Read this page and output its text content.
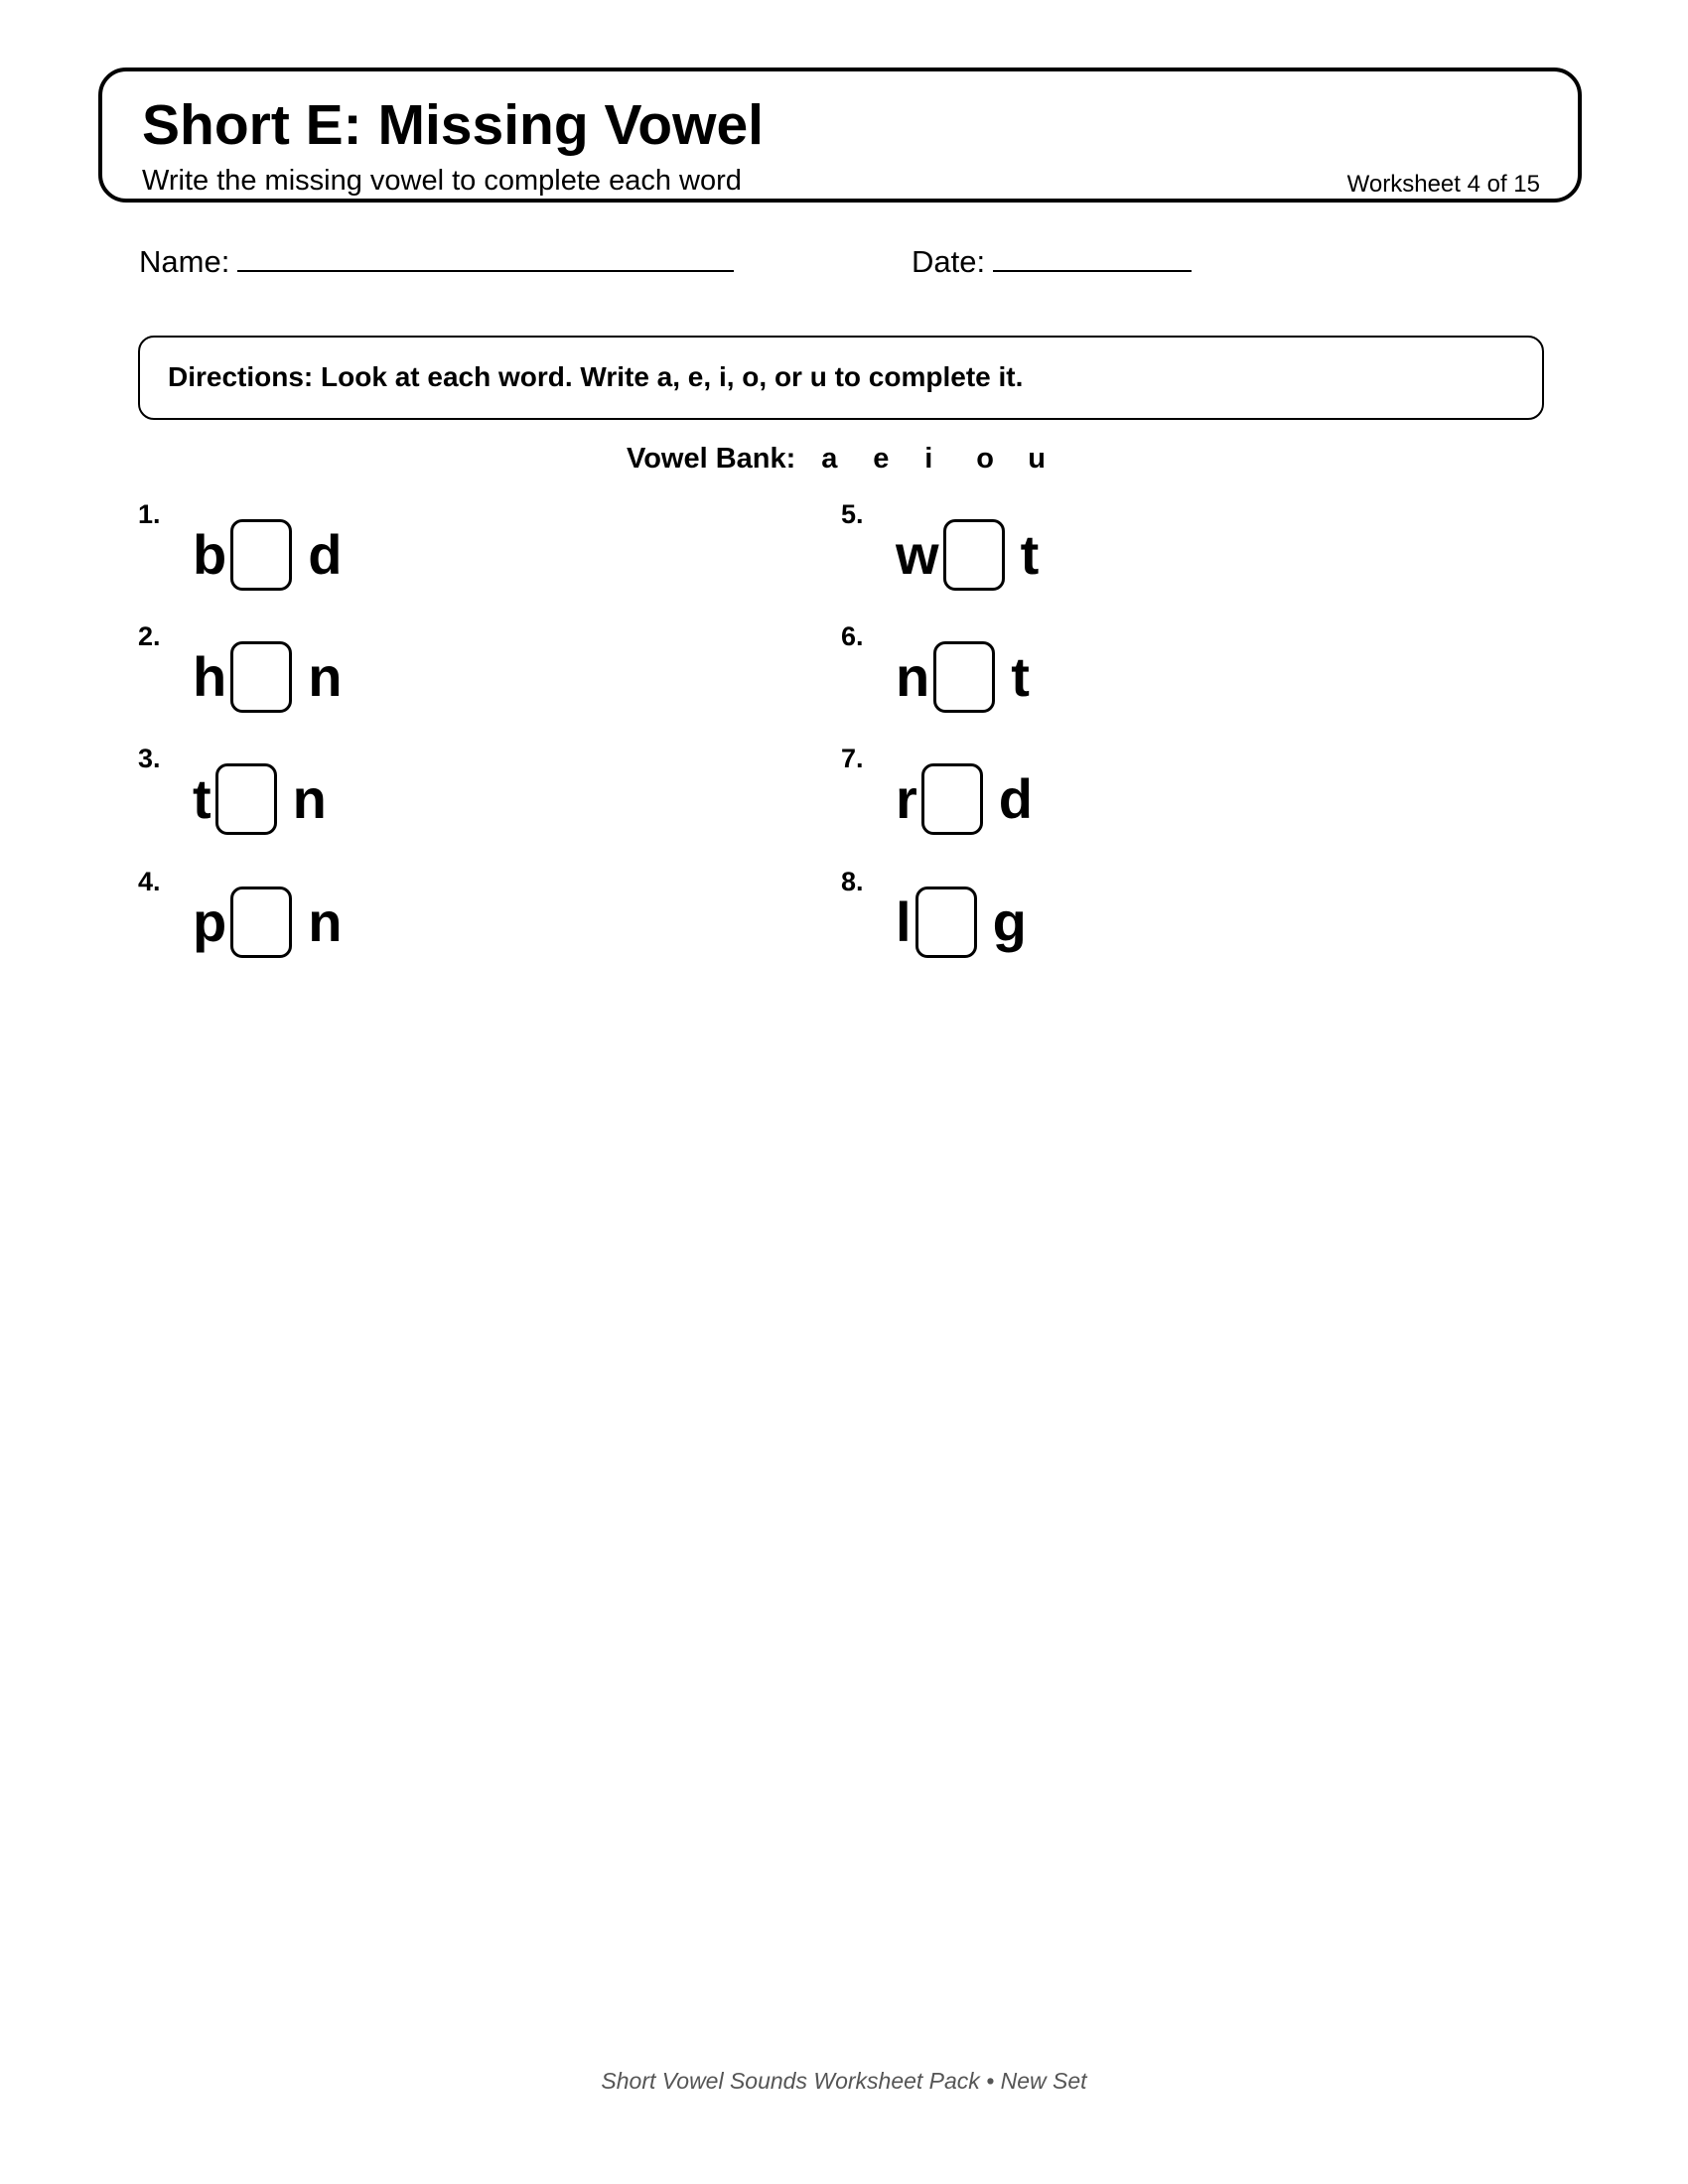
Short E: Missing Vowel
Write the missing vowel to complete each word	Worksheet 4 of 15
Name:	Date:
Directions: Look at each word. Write a, e, i, o, or u to complete it.
Vowel Bank: a e i o u
1.
b d
2.
h n
3.
t n
4.
p n
5.
w t
6.
n t
7.
r d
8.
l g
Short Vowel Sounds Worksheet Pack • New Set
